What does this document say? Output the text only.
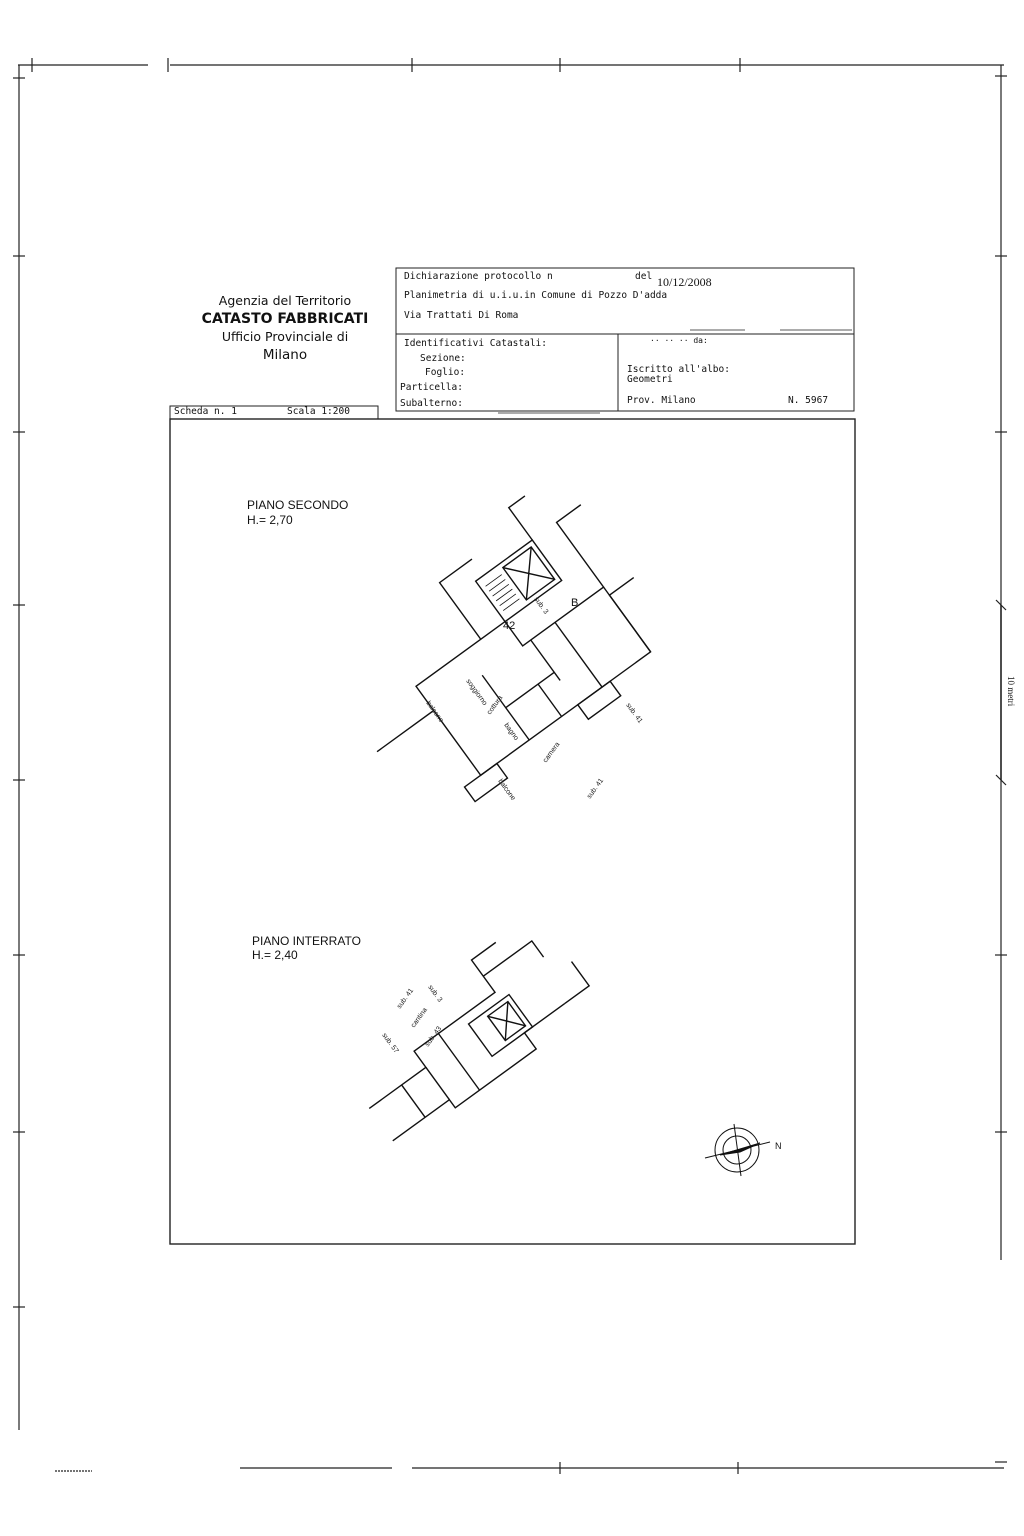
Agenzia del Territorio
CATASTO FABBRICATI
Ufficio Provinciale di
Milano
Dichiarazione protocollo n	del 10/12/2008
Planimetria di u.i.u.in Comune di Pozzo D'adda
Via Trattati Di Roma
Identificativi Catastali:
Sezione:
Foglio:
Particella:
Subalterno:
·· ·· ·· da:
Iscritto all'albo:
Geometri
Prov. Milano	N. 5967
Scheda n. 1	Scala 1:200
PIANO SECONDO
H.= 2,70
PIANO INTERRATO
H.= 2,40
42
B
soggiorno
cottura
bagno
camera
balcone
balcone
sub. 3
sub. 41
sub. 41
sub. 41 sub. 3
cantina
sub. 57	sub. 43
N
10 metri
